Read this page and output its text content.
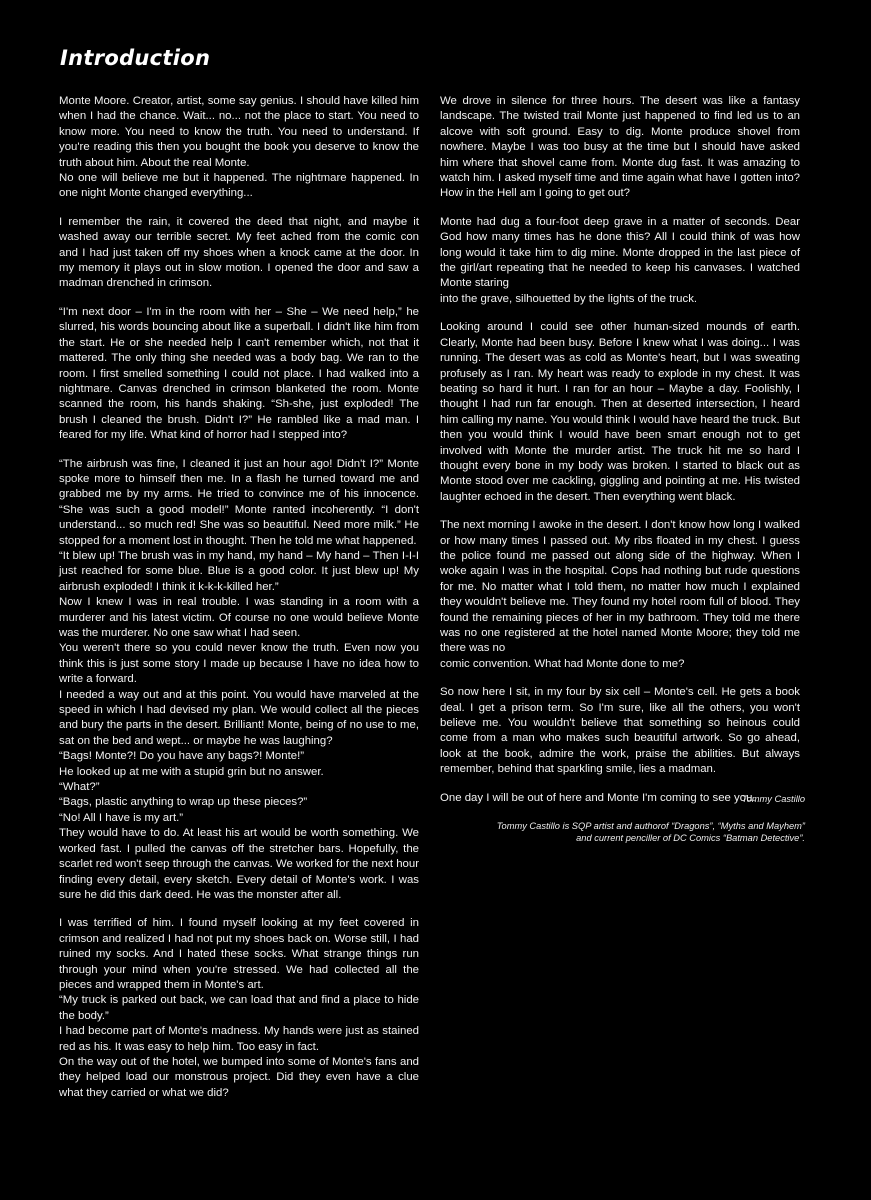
Introduction

Monte Moore. Creator, artist, some say genius. I should have killed him when I had the chance. Wait... no... not the place to start. You need to know more. You need to know the truth. You need to understand. If you're reading this then you bought the book you deserve to know the truth about him. About the real Monte.
No one will believe me but it happened. The nightmare happened. In one night Monte changed everything...

I remember the rain, it covered the deed that night, and maybe it washed away our terrible secret. My feet ached from the comic con and I had just taken off my shoes when a knock came at the door. In my memory it plays out in slow motion. I opened the door and saw a madman drenched in crimson.

“I'm next door – I'm in the room with her – She – We need help,” he slurred, his words bouncing about like a superball. I didn't like him from the start. He or she needed help I can't remember which, not that it mattered. The only thing she needed was a body bag. We ran to the room. I first smelled something I could not place. I had walked into a nightmare. Canvas drenched in crimson blanketed the room. Monte scanned the room, his hands shaking. “Sh-she, just exploded! The brush I cleaned the brush. Didn't I?” He rambled like a mad man. I feared for my life. What kind of horror had I stepped into?

“The airbrush was fine, I cleaned it just an hour ago! Didn't I?” Monte spoke more to himself then me. In a flash he turned toward me and grabbed me by my arms. He tried to convince me of his innocence. “She was such a good model!” Monte ranted incoherently. “I don't understand... so much red! She was so beautiful. Need more milk.” He stopped for a moment lost in thought. Then he told me what happened.
“It blew up! The brush was in my hand, my hand – My hand – Then I-I-I just reached for some blue. Blue is a good color. It just blew up! My airbrush exploded! I think it k-k-k-killed her.”
Now I knew I was in real trouble. I was standing in a room with a murderer and his latest victim. Of course no one would believe Monte was the murderer. No one saw what I had seen.
You weren't there so you could never know the truth. Even now you think this is just some story I made up because I have no idea how to write a forward.
I needed a way out and at this point. You would have marveled at the speed in which I had devised my plan. We would collect all the pieces and bury the parts in the desert. Brilliant! Monte, being of no use to me, sat on the bed and wept... or maybe he was laughing?
“Bags! Monte?! Do you have any bags?! Monte!”
He looked up at me with a stupid grin but no answer.
“What?”
“Bags, plastic anything to wrap up these pieces?”
“No! All I have is my art.”
They would have to do. At least his art would be worth something. We worked fast. I pulled the canvas off the stretcher bars. Hopefully, the scarlet red won't seep through the canvas. We worked for the next hour finding every detail, every sketch. Every detail of Monte's work. I was sure he did this dark deed. He was the monster after all.

I was terrified of him. I found myself looking at my feet covered in crimson and realized I had not put my shoes back on. Worse still, I had ruined my socks. And I hated these socks. What strange things run through your mind when you're stressed. We had collected all the pieces and wrapped them in Monte's art.
“My truck is parked out back, we can load that and find a place to hide the body.”
I had become part of Monte's madness. My hands were just as stained red as his. It was easy to help him. Too easy in fact.
On the way out of the hotel, we bumped into some of Monte's fans and they helped load our monstrous project. Did they even have a clue what they carried or what we did?

We drove in silence for three hours. The desert was like a fantasy landscape. The twisted trail Monte just happened to find led us to an alcove with soft ground. Easy to dig. Monte produce shovel from nowhere. Maybe I was too busy at the time but I should have asked him where that shovel came from. Monte dug fast. It was amazing to watch him. I asked myself time and time again what have I gotten into? How in the Hell am I going to get out?

Monte had dug a four-foot deep grave in a matter of seconds. Dear God how many times has he done this? All I could think of was how long would it take him to dig mine. Monte dropped in the last piece of the girl/art repeating that he needed to keep his canvases. I watched Monte staring
into the grave, silhouetted by the lights of the truck.

Looking around I could see other human-sized mounds of earth. Clearly, Monte had been busy. Before I knew what I was doing... I was running. The desert was as cold as Monte's heart, but I was sweating profusely as I ran. My heart was ready to explode in my chest. It was beating so hard it hurt. I ran for an hour – Maybe a day. Foolishly, I thought I had run far enough. Then at deserted intersection, I heard him calling my name. You would think I would have heard the truck. But then you would think I would have been smart enough not to get involved with Monte the murder artist. The truck hit me so hard I thought every bone in my body was broken. I started to black out as Monte stood over me cackling, giggling and pointing at me. His twisted laughter echoed in the desert. Then everything went black.

The next morning I awoke in the desert. I don't know how long I walked or how many times I passed out. My ribs floated in my chest. I guess the police found me passed out along side of the highway. When I woke again I was in the hospital. Cops had nothing but rude questions for me. No matter what I told them, no matter how much I explained they wouldn't believe me. They found my hotel room full of blood. They found the remaining pieces of her in my bathroom. They told me there was no one registered at the hotel named Monte Moore; they told me there was no
comic convention. What had Monte done to me?

So now here I sit, in my four by six cell – Monte's cell. He gets a book deal. I get a prison term. So I'm sure, like all the others, you won't believe me. You wouldn't believe that something so heinous could come from a man who makes such beautiful artwork. So go ahead, look at the book, admire the work, praise the abilities. But always remember, behind that sparkling smile, lies a madman.

One day I will be out of here and Monte I'm coming to see you.

Tommy Castillo

Tommy Castillo is SQP artist and authorof “Dragons”, “Myths and Mayhem”
and current penciller of DC Comics “Batman Detective”.
